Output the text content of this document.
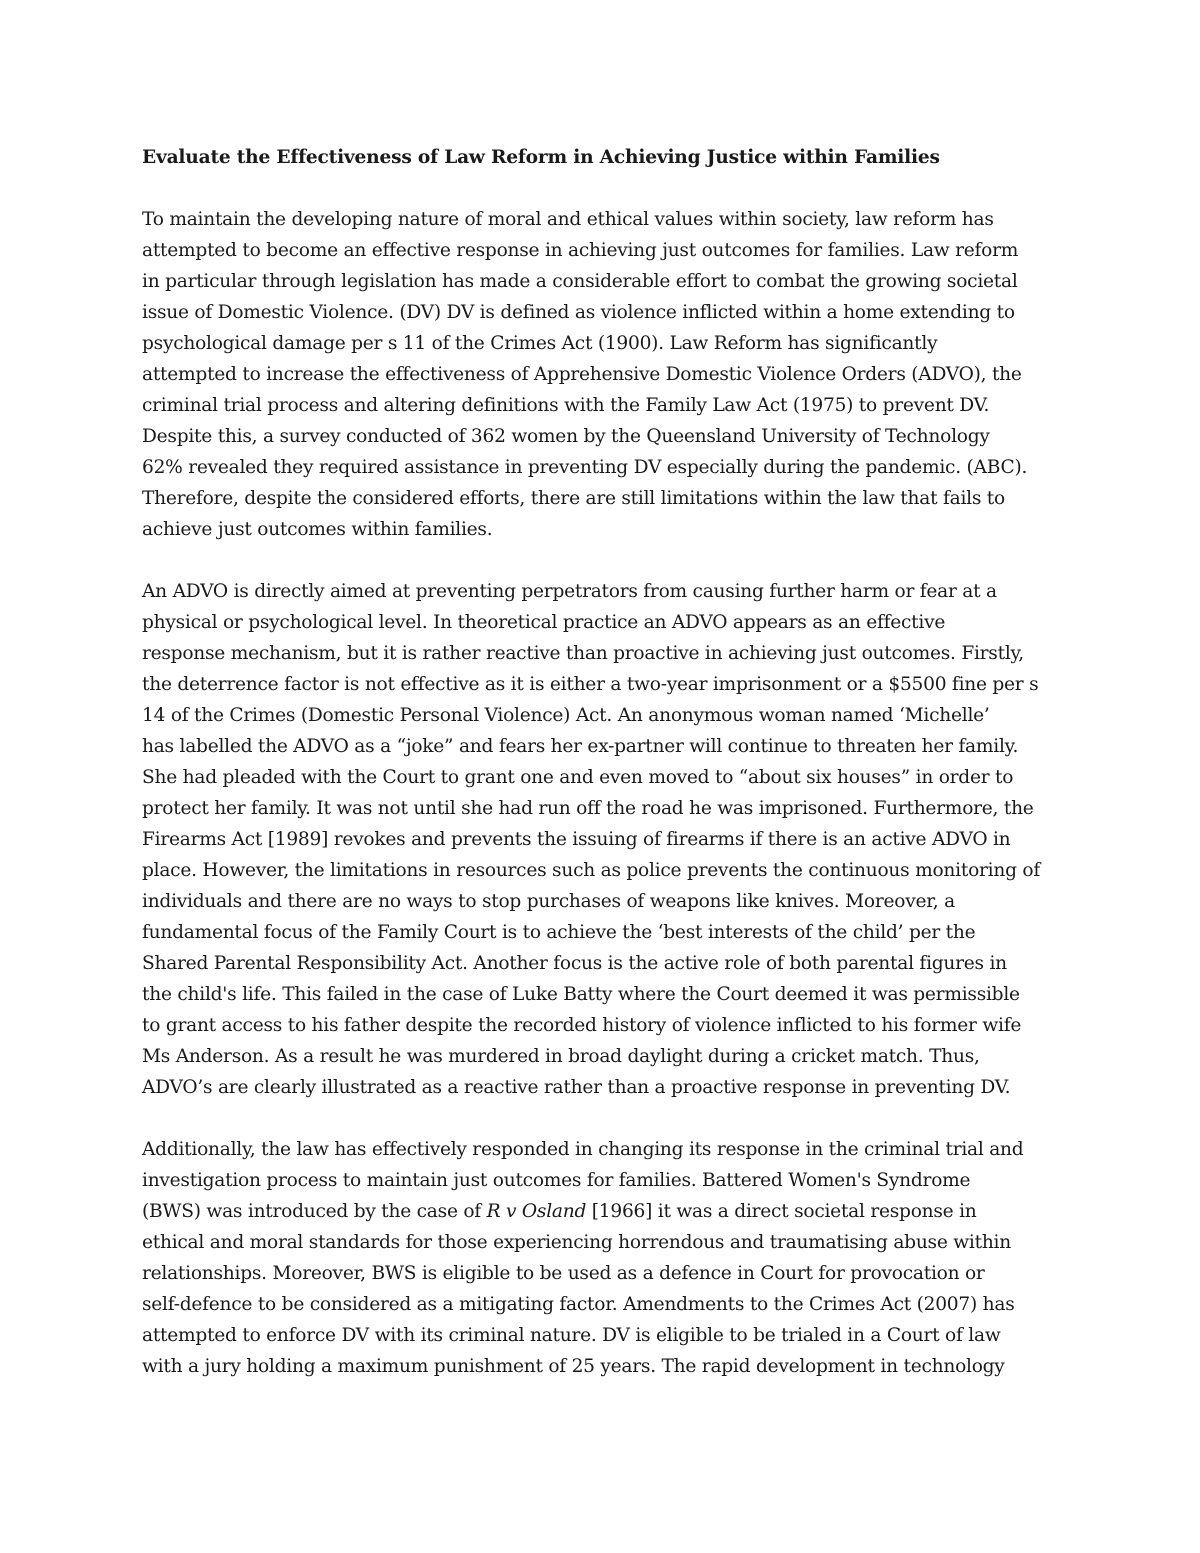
Evaluate the Effectiveness of Law Reform in Achieving Justice within Families
To maintain the developing nature of moral and ethical values within society, law reform has
attempted to become an effective response in achieving just outcomes for families. Law reform
in particular through legislation has made a considerable effort to combat the growing societal
issue of Domestic Violence. (DV) DV is defined as violence inflicted within a home extending to
psychological damage per s 11 of the Crimes Act (1900). Law Reform has significantly
attempted to increase the effectiveness of Apprehensive Domestic Violence Orders (ADVO), the
criminal trial process and altering definitions with the Family Law Act (1975) to prevent DV.
Despite this, a survey conducted of 362 women by the Queensland University of Technology
62% revealed they required assistance in preventing DV especially during the pandemic. (ABC).
Therefore, despite the considered efforts, there are still limitations within the law that fails to
achieve just outcomes within families.
An ADVO is directly aimed at preventing perpetrators from causing further harm or fear at a
physical or psychological level. In theoretical practice an ADVO appears as an effective
response mechanism, but it is rather reactive than proactive in achieving just outcomes. Firstly,
the deterrence factor is not effective as it is either a two-year imprisonment or a $5500 fine per s
14 of the Crimes (Domestic Personal Violence) Act. An anonymous woman named ‘Michelle’
has labelled the ADVO as a “joke” and fears her ex-partner will continue to threaten her family.
She had pleaded with the Court to grant one and even moved to “about six houses” in order to
protect her family. It was not until she had run off the road he was imprisoned. Furthermore, the
Firearms Act [1989] revokes and prevents the issuing of firearms if there is an active ADVO in
place. However, the limitations in resources such as police prevents the continuous monitoring of
individuals and there are no ways to stop purchases of weapons like knives. Moreover, a
fundamental focus of the Family Court is to achieve the ‘best interests of the child’ per the
Shared Parental Responsibility Act. Another focus is the active role of both parental figures in
the child's life. This failed in the case of Luke Batty where the Court deemed it was permissible
to grant access to his father despite the recorded history of violence inflicted to his former wife
Ms Anderson. As a result he was murdered in broad daylight during a cricket match. Thus,
ADVO’s are clearly illustrated as a reactive rather than a proactive response in preventing DV.
Additionally, the law has effectively responded in changing its response in the criminal trial and
investigation process to maintain just outcomes for families. Battered Women's Syndrome
(BWS) was introduced by the case of R v Osland [1966] it was a direct societal response in
ethical and moral standards for those experiencing horrendous and traumatising abuse within
relationships. Moreover, BWS is eligible to be used as a defence in Court for provocation or
self-defence to be considered as a mitigating factor. Amendments to the Crimes Act (2007) has
attempted to enforce DV with its criminal nature. DV is eligible to be trialed in a Court of law
with a jury holding a maximum punishment of 25 years. The rapid development in technology
